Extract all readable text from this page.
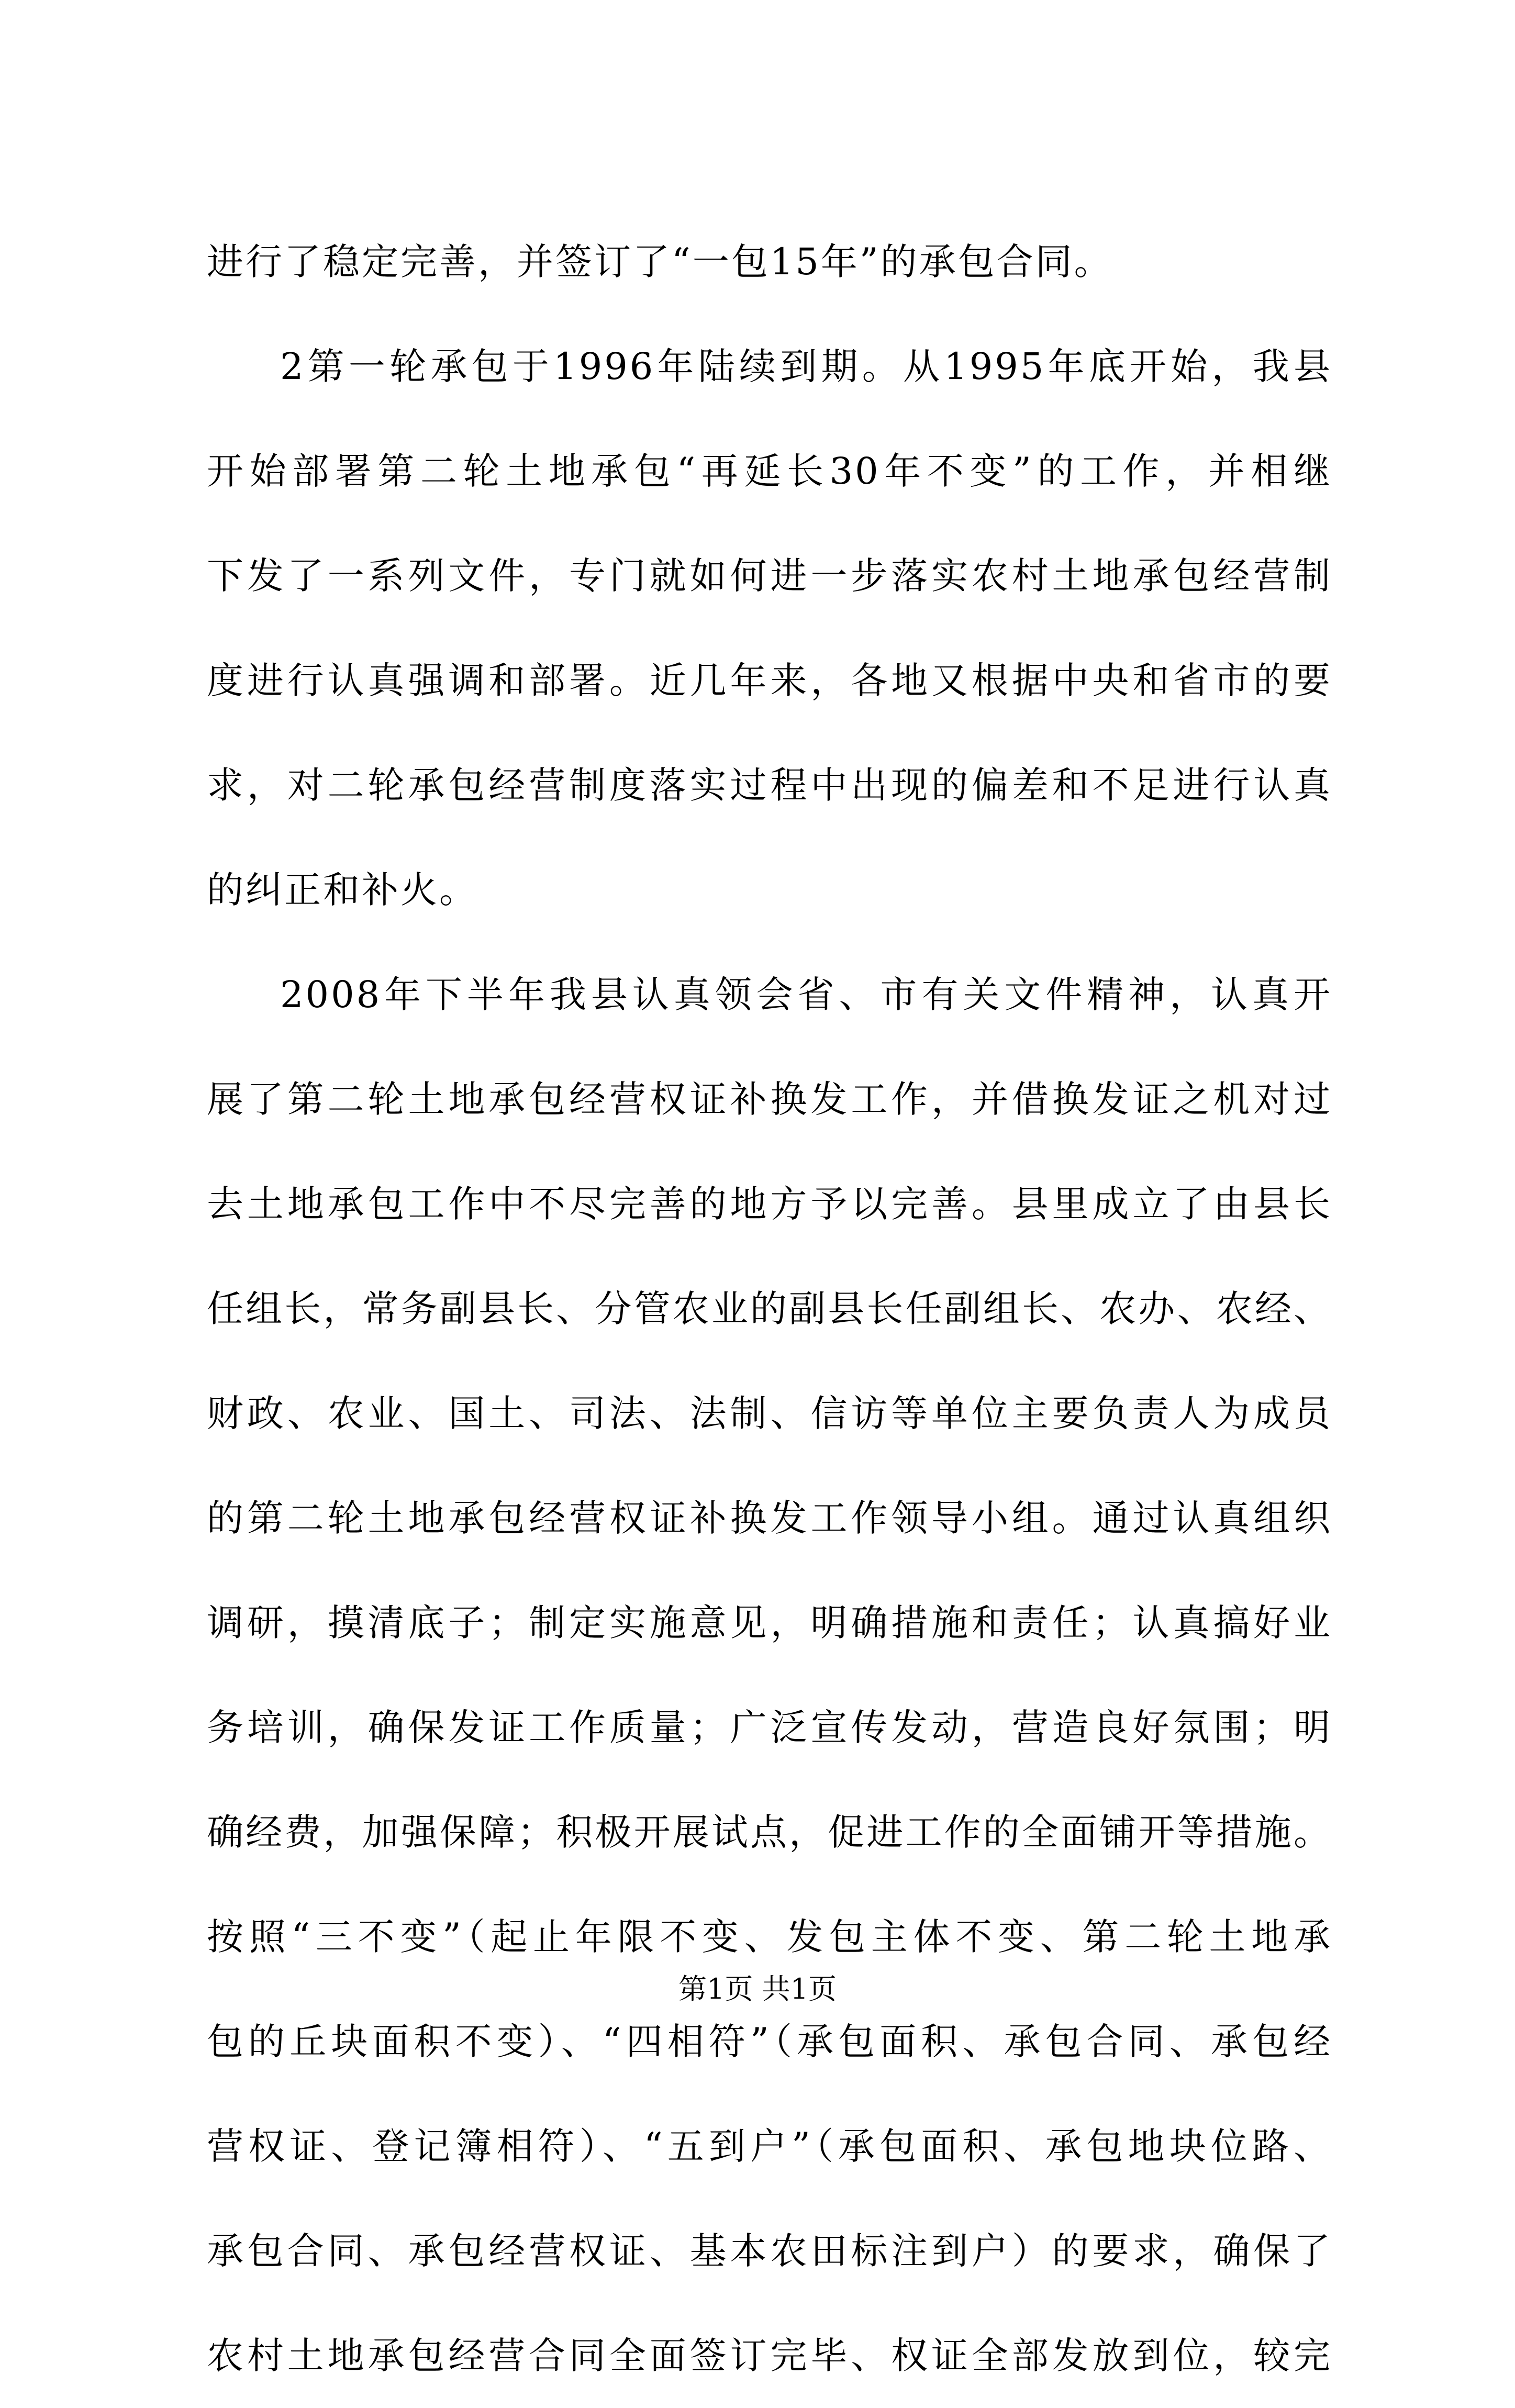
进行了稳定完善，并签订了“一包15年”的承包合同。
2第一轮承包于1996年陆续到期。从1995年底开始，我县
开始部署第二轮土地承包“再延长30年不变”的工作，并相继
下发了一系列文件，专门就如何进一步落实农村土地承包经营制
度进行认真强调和部署。近几年来，各地又根据中央和省市的要
求，对二轮承包经营制度落实过程中出现的偏差和不足进行认真
的纠正和补火。
2008年下半年我县认真领会省、市有关文件精神，认真开
展了第二轮土地承包经营权证补换发工作，并借换发证之机对过
去土地承包工作中不尽完善的地方予以完善。县里成立了由县长
任组长，常务副县长、分管农业的副县长任副组长、农办、农经、
财政、农业、国土、司法、法制、信访等单位主要负责人为成员
的第二轮土地承包经营权证补换发工作领导小组。通过认真组织
调研，摸清底子；制定实施意见，明确措施和责任；认真搞好业
务培训，确保发证工作质量；广泛宣传发动，营造良好氛围；明
确经费，加强保障；积极开展试点，促进工作的全面铺开等措施。
按照“三不变”（起止年限不变、发包主体不变、第二轮土地承
包的丘块面积不变）、“四相符”（承包面积、承包合同、承包经
营权证、登记簿相符）、“五到户”（承包面积、承包地块位路、
承包合同、承包经营权证、基本农田标注到户）的要求，确保了
农村土地承包经营合同全面签订完毕、权证全部发放到位，较完
第1页 共1页
